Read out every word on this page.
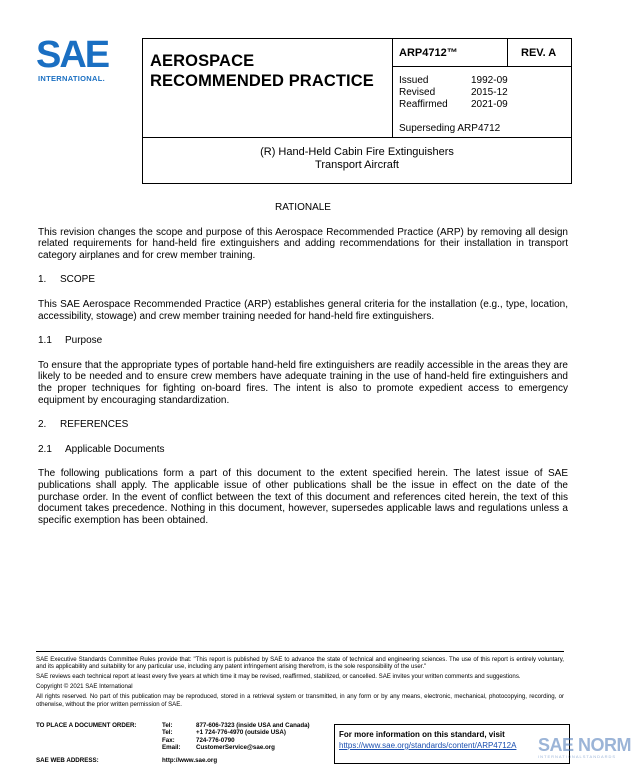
SAE
INTERNATIONAL.
AEROSPACE
RECOMMENDED PRACTICE
ARP4712™	REV. A
Issued	1992-09
Revised	2015-12
Reaffirmed	2021-09
Superseding ARP4712
(R) Hand-Held Cabin Fire Extinguishers
Transport Aircraft
RATIONALE

This revision changes the scope and purpose of this Aerospace Recommended Practice (ARP) by removing all design related requirements for hand-held fire extinguishers and adding recommendations for their installation in transport category airplanes and for crew member training.

1. SCOPE

This SAE Aerospace Recommended Practice (ARP) establishes general criteria for the installation (e.g., type, location, accessibility, stowage) and crew member training needed for hand-held fire extinguishers.

1.1 Purpose

To ensure that the appropriate types of portable hand-held fire extinguishers are readily accessible in the areas they are likely to be needed and to ensure crew members have adequate training in the use of hand-held fire extinguishers and the proper techniques for fighting on-board fires. The intent is also to promote expedient access to emergency equipment by encouraging standardization.

2. REFERENCES
2.1 Applicable Documents

The following publications form a part of this document to the extent specified herein. The latest issue of SAE publications shall apply. The applicable issue of other publications shall be the issue in effect on the date of the purchase order. In the event of conflict between the text of this document and references cited herein, the text of this document takes precedence. Nothing in this document, however, supersedes applicable laws and regulations unless a specific exemption has been obtained.

SAE Executive Standards Committee Rules provide that: "This report is published by SAE to advance the state of technical and engineering sciences. The use of this report is entirely voluntary, and its applicability and suitability for any particular use, including any patent infringement arising therefrom, is the sole responsibility of the user."

SAE reviews each technical report at least every five years at which time it may be revised, reaffirmed, stabilized, or cancelled. SAE invites your written comments and suggestions.

Copyright © 2021 SAE International

All rights reserved. No part of this publication may be reproduced, stored in a retrieval system or transmitted, in any form or by any means, electronic, mechanical, photocopying, recording, or otherwise, without the prior written permission of SAE.

TO PLACE A DOCUMENT ORDER:	Tel:	877-606-7323 (inside USA and Canada)
Tel:	+1 724-776-4970 (outside USA)
Fax:	724-776-0790
Email:	CustomerService@sae.org
SAE WEB ADDRESS:	http://www.sae.org
For more information on this standard, visit
https://www.sae.org/standards/content/ARP4712A	SAE NORM
INTERNATIONAL STANDARDS
